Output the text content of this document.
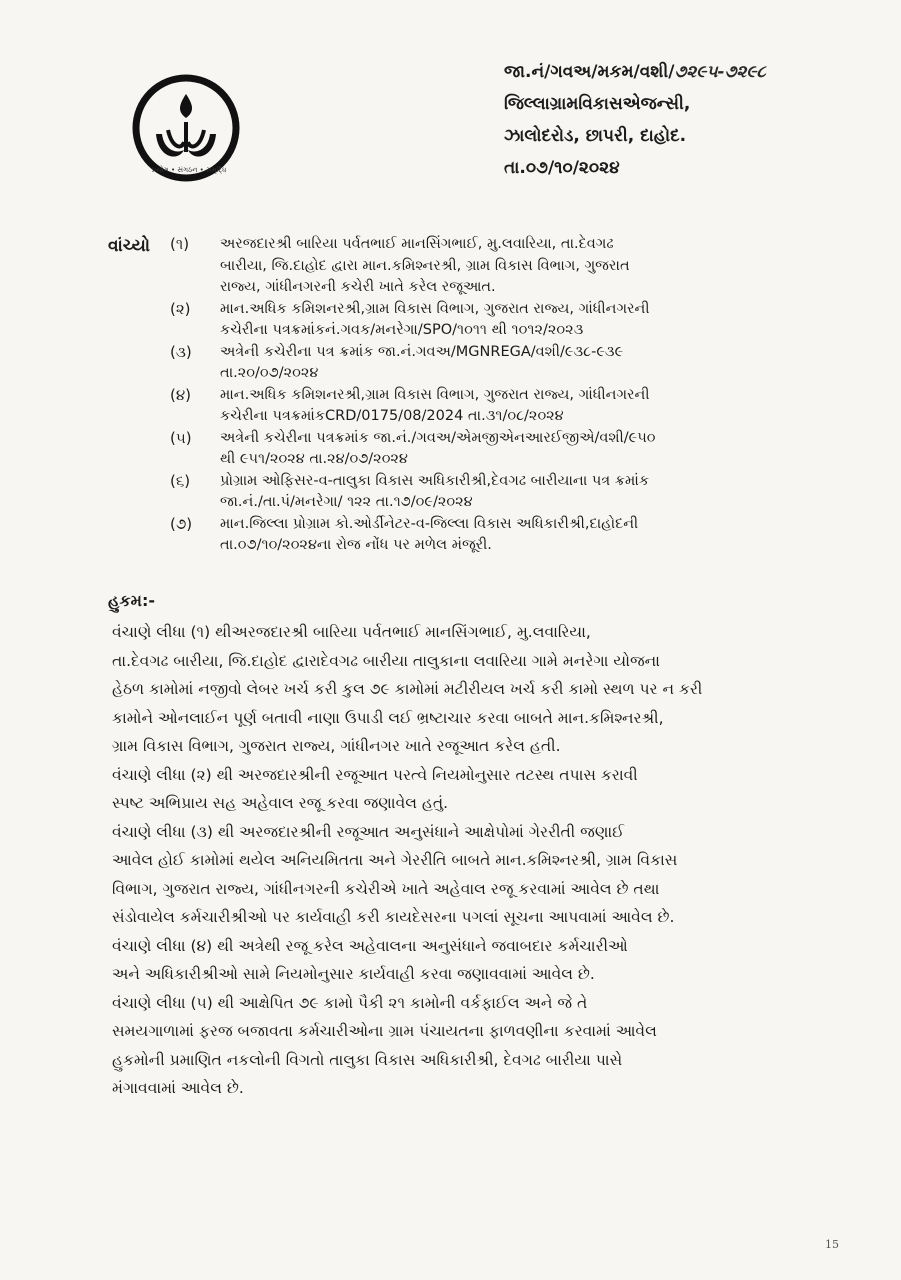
પ્રયોગ • સંગઠન • સમૃદ્ધિ
જા.નં/ગવઅ/મકમ/વશી/૭૨૯૫-૭૨૯૮
જિલ્લાગ્રામવિકાસએજન્સી,
ઝાલોદરોડ, છાપરી, દાહોદ.
તા.૦૭/૧૦/૨૦૨૪
વાંચ્યો (૧)	અરજદારશ્રી બારિયા પર્વતભાઈ માનસિંગભાઈ, મુ.લવારિયા, તા.દેવગઢ
બારીયા, જિ.દાહોદ દ્વારા માન.કમિશ્નરશ્રી, ગ્રામ વિકાસ વિભાગ, ગુજરાત
રાજ્ય, ગાંધીનગરની કચેરી ખાતે કરેલ રજૂઆત.
(૨)	માન.અધિક કમિશનરશ્રી,ગ્રામ વિકાસ વિભાગ, ગુજરાત રાજ્ય, ગાંધીનગરની
કચેરીના પત્રક્રમાંકનં.ગવક/મનરેગા/SPO/૧૦૧૧ થી ૧૦૧૨/૨૦૨૩
(૩)	અત્રેની કચેરીના પત્ર ક્રમાંક જા.નં.ગવઅ/MGNREGA/વશી/૯૩૮-૯૩૯
તા.૨૦/૦૭/૨૦૨૪
(૪)	માન.અધિક કમિશનરશ્રી,ગ્રામ વિકાસ વિભાગ, ગુજરાત રાજ્ય, ગાંધીનગરની
કચેરીના પત્રક્રમાંકCRD/0175/08/2024 તા.૩૧/૦૮/૨૦૨૪
(૫)	અત્રેની કચેરીના પત્રક્રમાંક જા.નં./ગવઅ/એમજીએનઆરઈજીએ/વશી/૯૫૦
થી ૯૫૧/૨૦૨૪ તા.૨૪/૦૭/૨૦૨૪
(૬)	પ્રોગ્રામ ઓફિસર-વ-તાલુકા વિકાસ અધિકારીશ્રી,દેવગઢ બારીયાના પત્ર ક્રમાંક
જા.નં./તા.પં/મનરેગા/ ૧૨૨ તા.૧૭/૦૯/૨૦૨૪
(૭)	માન.જિલ્લા પ્રોગ્રામ કો.ઓર્ડીનેટર-વ-જિલ્લા વિકાસ અધિકારીશ્રી,દાહોદની
તા.૦૭/૧૦/૨૦૨૪ના રોજ નોંધ પર મળેલ મંજૂરી.
હુકમ:-

વંચાણે લીધા (૧) થીઅરજદારશ્રી બારિયા પર્વતભાઈ માનસિંગભાઈ, મુ.લવારિયા,
તા.દેવગઢ બારીયા, જિ.દાહોદ દ્વારાદેવગઢ બારીયા તાલુકાના લવારિયા ગામે મનરેગા યોજના
હેઠળ કામોમાં નજીવો લેબર ખર્ચ કરી કુલ ૭૯ કામોમાં મટીરીયલ ખર્ચ કરી કામો સ્થળ પર ન કરી
કામોને ઓનલાઈન પૂર્ણ બતાવી નાણા ઉપાડી લઈ ભ્રષ્ટાચાર કરવા બાબતે માન.કમિશ્નરશ્રી,
ગ્રામ વિકાસ વિભાગ, ગુજરાત રાજ્ય, ગાંધીનગર ખાતે રજૂઆત કરેલ હતી.

વંચાણે લીધા (૨) થી અરજદારશ્રીની રજૂઆત પરત્વે નિયમોનુસાર તટસ્થ તપાસ કરાવી
સ્પષ્ટ અભિપ્રાય સહ અહેવાલ રજૂ કરવા જણાવેલ હતું.

વંચાણે લીધા (૩) થી અરજદારશ્રીની રજૂઆત અનુસંધાને આક્ષેપોમાં ગેરરીતી જણાઈ
આવેલ હોઈ કામોમાં થયેલ અનિયમિતતા અને ગેરરીતિ બાબતે માન.કમિશ્નરશ્રી, ગ્રામ વિકાસ
વિભાગ, ગુજરાત રાજ્ય, ગાંધીનગરની કચેરીએ ખાતે અહેવાલ રજૂ કરવામાં આવેલ છે તથા
સંડોવાયેલ કર્મચારીશ્રીઓ પર કાર્યવાહી કરી કાયદેસરના પગલાં સૂચના આપવામાં આવેલ છે.

વંચાણે લીધા (૪) થી અત્રેથી રજૂ કરેલ અહેવાલના અનુસંધાને જવાબદાર કર્મચારીઓ
અને અધિકારીશ્રીઓ સામે નિયમોનુસાર કાર્યવાહી કરવા જણાવવામાં આવેલ છે.

વંચાણે લીધા (૫) થી આક્ષેપિત ૭૯ કામો પૈકી ૨૧ કામોની વર્કફાઈલ અને જે તે
સમયગાળામાં ફરજ બજાવતા કર્મચારીઓના ગ્રામ પંચાયતના ફાળવણીના કરવામાં આવેલ
હુકમોની પ્રમાણિત નકલોની વિગતો તાલુકા વિકાસ અધિકારીશ્રી, દેવગઢ બારીયા પાસે
મંગાવવામાં આવેલ છે.

15
